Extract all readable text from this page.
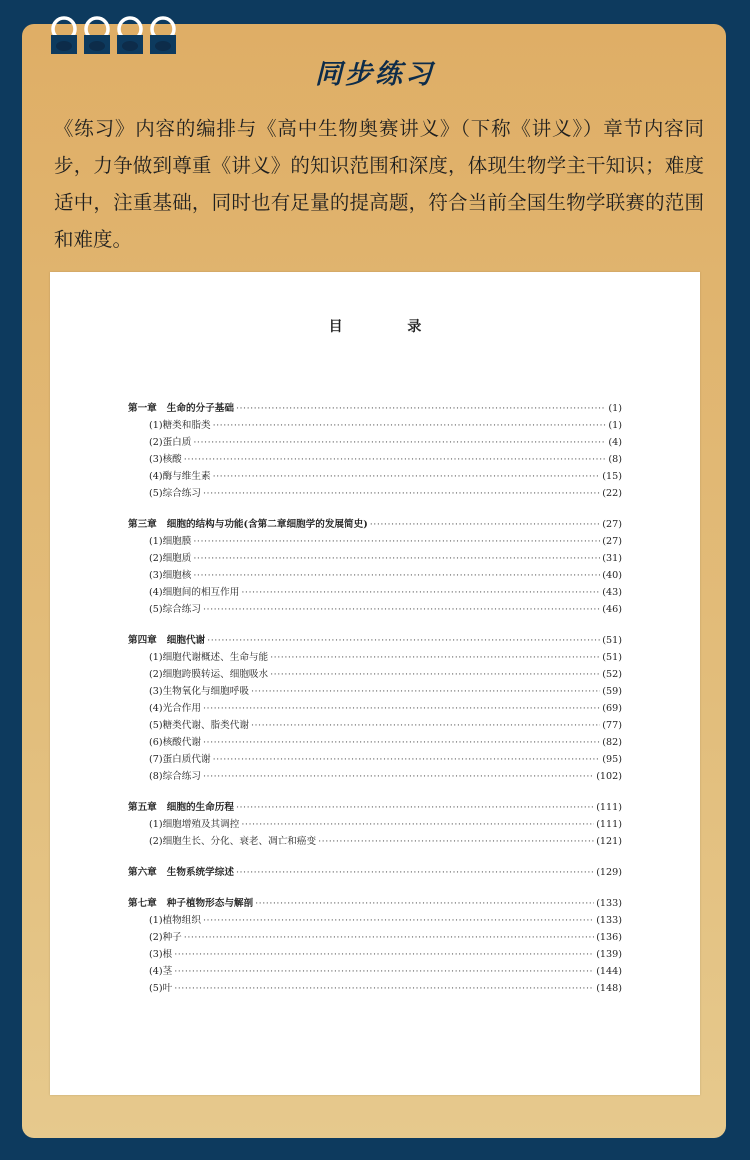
同步练习
《练习》内容的编排与《高中生物奥赛讲义》（下称《讲义》）章节内容同步，力争做到尊重《讲义》的知识范围和深度，体现生物学主干知识；难度适中，注重基础，同时也有足量的提高题，符合当前全国生物学联赛的范围和难度。
目 录
第一章 生命的分子基础 ·····	(1)
(1)糖类和脂类 ·····	(1)
(2)蛋白质 ·····	(4)
(3)核酸 ·····	(8)
(4)酶与维生素 ·····	(15)
(5)综合练习 ·····	(22)
第三章 细胞的结构与功能(含第二章细胞学的发展简史) ·····	(27)
(1)细胞膜 ·····	(27)
(2)细胞质 ·····	(31)
(3)细胞核 ·····	(40)
(4)细胞间的相互作用 ·····	(43)
(5)综合练习 ·····	(46)
第四章 细胞代谢 ·····	(51)
(1)细胞代谢概述、生命与能 ·····	(51)
(2)细胞跨膜转运、细胞吸水 ·····	(52)
(3)生物氧化与细胞呼吸 ·····	(59)
(4)光合作用 ·····	(69)
(5)糖类代谢、脂类代谢 ·····	(77)
(6)核酸代谢 ·····	(82)
(7)蛋白质代谢 ·····	(95)
(8)综合练习 ·····	(102)
第五章 细胞的生命历程 ·····	(111)
(1)细胞增殖及其调控 ·····	(111)
(2)细胞生长、分化、衰老、凋亡和癌变 ·····	(121)
第六章 生物系统学综述 ·····	(129)
第七章 种子植物形态与解剖 ·····	(133)
(1)植物组织 ·····	(133)
(2)种子 ·····	(136)
(3)根 ·····	(139)
(4)茎 ·····	(144)
(5)叶 ·····	(148)
